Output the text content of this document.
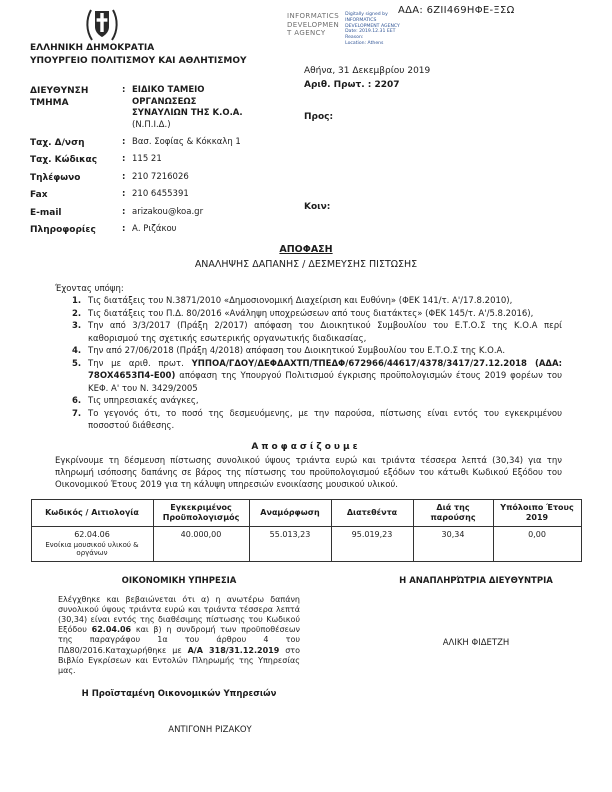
ΑΔΑ: 6ΖΙΙ469ΗΦΕ-ΞΣΩ
ΕΛΛΗΝΙΚΗ ΔΗΜΟΚΡΑΤΙΑ
ΥΠΟΥΡΓΕΙΟ ΠΟΛΙΤΙΣΜΟΥ ΚΑΙ ΑΘΛΗΤΙΣΜΟΥ
INFORMATICS
DEVELOPMEN
T AGENCY
Digitally signed by
INFORMATICS
DEVELOPMENT AGENCY
Date: 2019.12.31 EET
Reason:
Location: Athens
Αθήνα, 31 Δεκεμβρίου 2019
Αριθ. Πρωτ. : 2207
Προς:
Κοιν:
ΔΙΕΥΘΥΝΣΗ
ΤΜΗΜΑ
: ΕΙΔΙΚΟ ΤΑΜΕΙΟ ΟΡΓΑΝΩΣΕΩΣ ΣΥΝΑΥΛΙΩΝ ΤΗΣ Κ.Ο.Α.
(Ν.Π.Ι.Δ.)
Ταχ. Δ/νση	: Βασ. Σοφίας & Κόκκαλη 1
Ταχ. Κώδικας	: 115 21
Τηλέφωνο	: 210 7216026
Fax	: 210 6455391
E-mail	: arizakou@koa.gr
Πληροφορίες	: Α. Ριζάκου
ΑΠΟΦΑΣΗ
ΑΝΑΛΗΨΗΣ ΔΑΠΑΝΗΣ / ΔΕΣΜΕΥΣΗΣ ΠΙΣΤΩΣΗΣ
Έχοντας υπόψη:
Τις διατάξεις του Ν.3871/2010 «Δημοσιονομική Διαχείριση και Ευθύνη» (ΦΕΚ 141/τ. Α'/17.8.2010),
Τις διατάξεις του Π.Δ. 80/2016 «Ανάληψη υποχρεώσεων από τους διατάκτες» (ΦΕΚ 145/τ. Α'/5.8.2016),
Την από 3/3/2017 (Πράξη 2/2017) απόφαση του Διοικητικού Συμβουλίου του Ε.Τ.Ο.Σ της Κ.Ο.Α περί καθορισμού της σχετικής εσωτερικής οργανωτικής διαδικασίας,
Την από 27/06/2018 (Πράξη 4/2018) απόφαση του Διοικητικού Συμβουλίου του Ε.Τ.Ο.Σ της Κ.Ο.Α.
Την με αριθ. πρωτ. ΥΠΠΟΑ/ΓΔΟΥ/ΔΕΦΔΑΧΤΠ/ΤΠΕΔΦ/672966/44617/4378/3417/27.12.2018 (ΑΔΑ: 78ΟΧ4653Π4-Ε00) απόφαση της Υπουργού Πολιτισμού έγκρισης προϋπολογισμών έτους 2019 φορέων του ΚΕΦ. Α' του Ν. 3429/2005
Τις υπηρεσιακές ανάγκες,
Το γεγονός ότι, το ποσό της δεσμευόμενης, με την παρούσα, πίστωσης είναι εντός του εγκεκριμένου ποσοστού διάθεσης.
Αποφασίζουμε
Εγκρίνουμε τη δέσμευση πίστωσης συνολικού ύψους τριάντα ευρώ και τριάντα τέσσερα λεπτά (30,34) για την πληρωμή ισόποσης δαπάνης σε βάρος της πίστωσης του προϋπολογισμού εξόδων του κάτωθι Κωδικού Εξόδου του Οικονομικού Έτους 2019 για τη κάλυψη υπηρεσιών ενοικίασης μουσικού υλικού.
Κωδικός / Αιτιολογία	Εγκεκριμένος Προϋπολογισμός	Αναμόρφωση	Διατεθέντα	Διά της παρούσης	Υπόλοιπο Έτους 2019

62.04.06
Ενοίκια μουσικού υλικού & οργάνων	40.000,00	55.013,23	95.019,23	30,34	0,00
ΟΙΚΟΝΟΜΙΚΗ ΥΠΗΡΕΣΙΑ
Ελέγχθηκε και βεβαιώνεται ότι α) η ανωτέρω δαπάνη συνολικού ύψους τριάντα ευρώ και τριάντα τέσσερα λεπτά (30,34) είναι εντός της διαθέσιμης πίστωσης του Κωδικού Εξόδου 62.04.06 και β) η συνδρομή των προϋποθέσεων της παραγράφου 1α του άρθρου 4 του ΠΔ80/2016.Καταχωρήθηκε με Α/Α 318/31.12.2019 στο Βιβλίο Εγκρίσεων και Εντολών Πληρωμής της Υπηρεσίας μας.
Η Προϊσταμένη Οικονομικών Υπηρεσιών
ΑΝΤΙΓΟΝΗ ΡΙΖΑΚΟΥ
Η ΑΝΑΠΛΗΡΏΤΡΙΑ ΔΙΕΥΘΥΝΤΡΙΑ
ΑΛΙΚΗ ΦΙΔΕΤΖΗ
